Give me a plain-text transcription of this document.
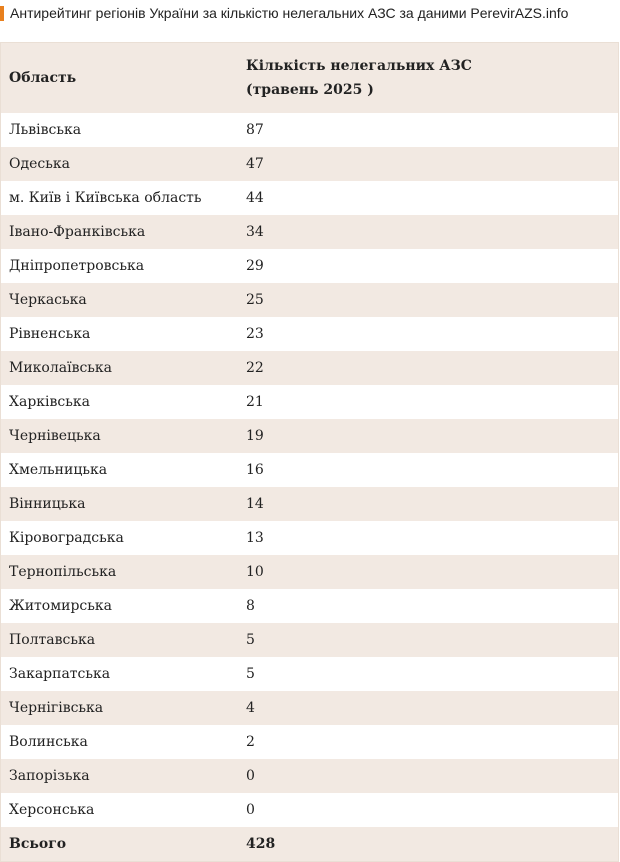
Антирейтинг регіонів України за кількістю нелегальних АЗС за даними PerevirAZS.info
Область	Кількість нелегальних АЗС
(травень 2025 )

Львівська	87
Одеська	47
м. Київ і Київська область	44
Івано-Франківська	34
Дніпропетровська	29
Черкаська	25
Рівненська	23
Миколаївська	22
Харківська	21
Чернівецька	19
Хмельницька	16
Вінницька	14
Кіровоградська	13
Тернопільська	10
Житомирська	8
Полтавська	5
Закарпатська	5
Чернігівська	4
Волинська	2
Запорізька	0
Херсонська	0
Всього	428
